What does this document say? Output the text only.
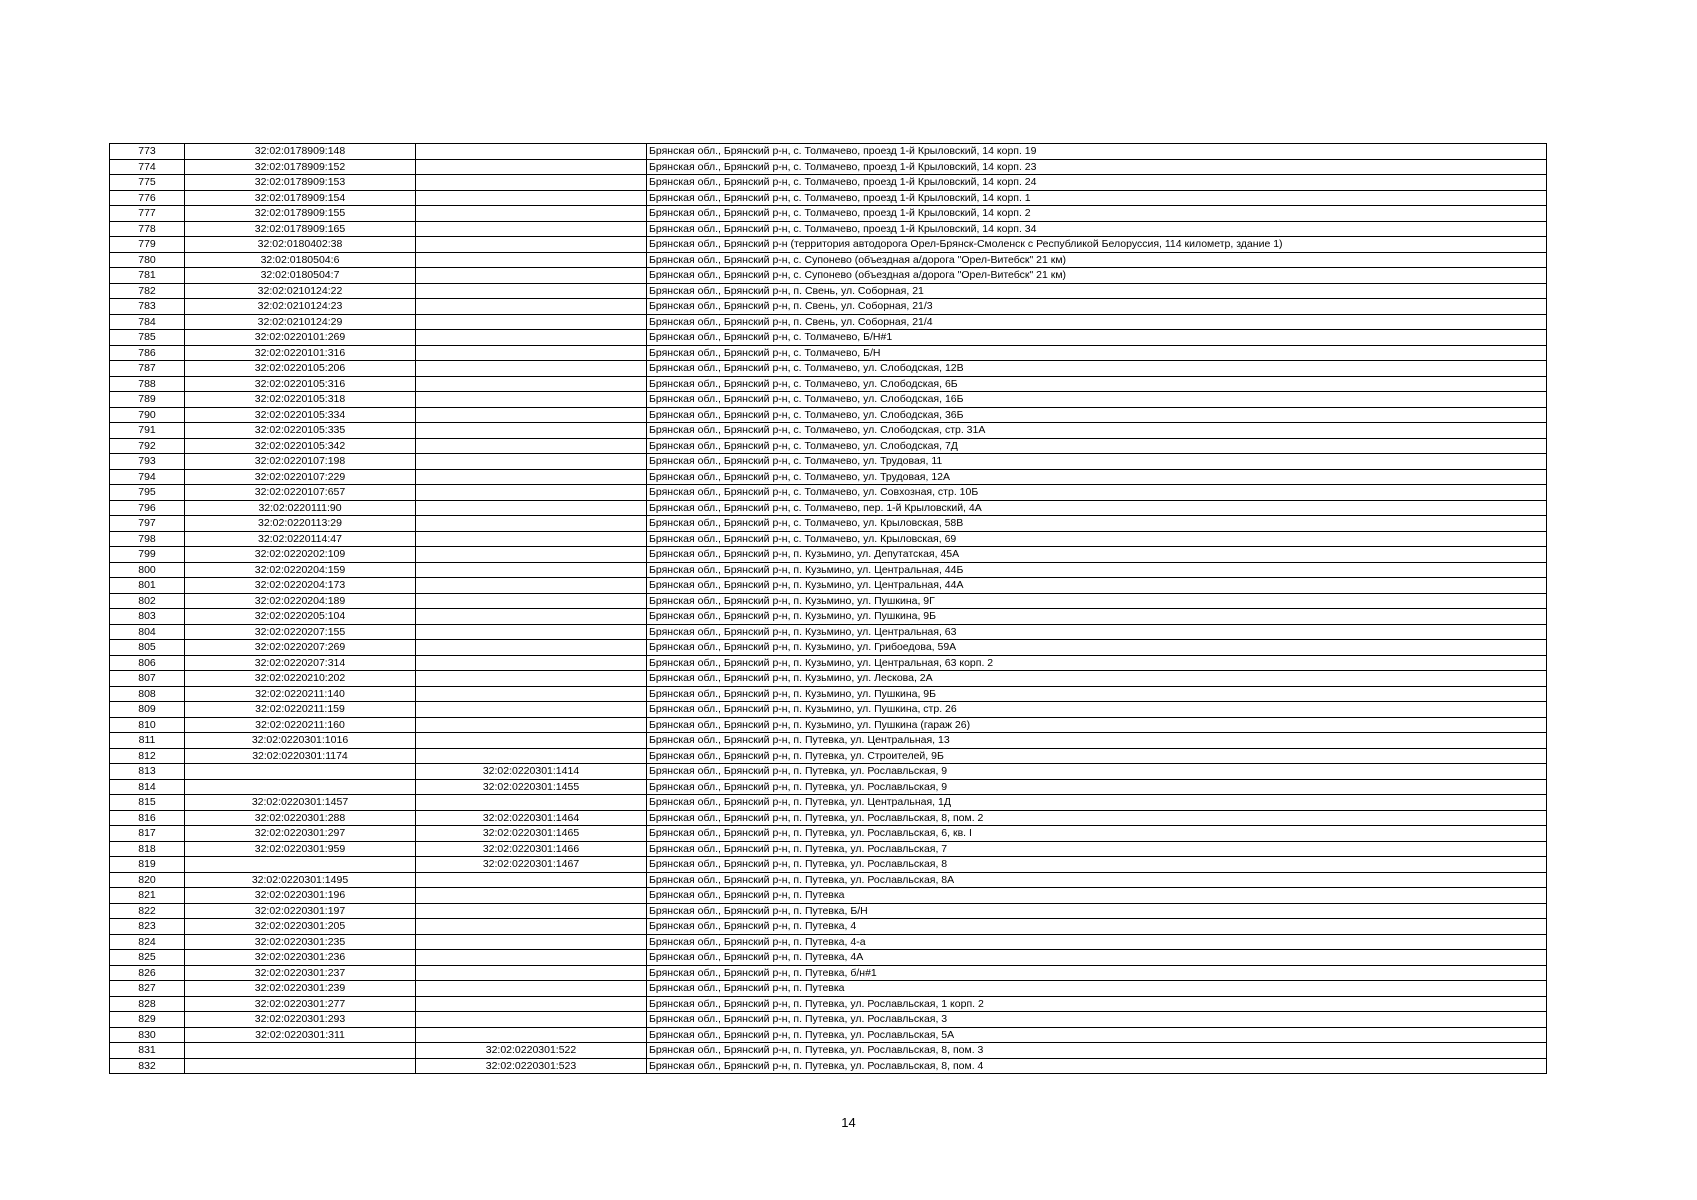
773	32:02:0178909:148		Брянская обл., Брянский р-н, с. Толмачево, проезд 1-й Крыловский, 14 корп. 19
774	32:02:0178909:152		Брянская обл., Брянский р-н, с. Толмачево, проезд 1-й Крыловский, 14 корп. 23
775	32:02:0178909:153		Брянская обл., Брянский р-н, с. Толмачево, проезд 1-й Крыловский, 14 корп. 24
776	32:02:0178909:154		Брянская обл., Брянский р-н, с. Толмачево, проезд 1-й Крыловский, 14 корп. 1
777	32:02:0178909:155		Брянская обл., Брянский р-н, с. Толмачево, проезд 1-й Крыловский, 14 корп. 2
778	32:02:0178909:165		Брянская обл., Брянский р-н, с. Толмачево, проезд 1-й Крыловский, 14 корп. 34
779	32:02:0180402:38		Брянская обл., Брянский р-н (территория автодорога Орел-Брянск-Смоленск с Республикой Белоруссия, 114 километр, здание 1)
780	32:02:0180504:6		Брянская обл., Брянский р-н, с. Супонево (объездная а/дорога "Орел-Витебск" 21 км)
781	32:02:0180504:7		Брянская обл., Брянский р-н, с. Супонево (объездная а/дорога "Орел-Витебск" 21 км)
782	32:02:0210124:22		Брянская обл., Брянский р-н, п. Свень, ул. Соборная, 21
783	32:02:0210124:23		Брянская обл., Брянский р-н, п. Свень, ул. Соборная, 21/3
784	32:02:0210124:29		Брянская обл., Брянский р-н, п. Свень, ул. Соборная, 21/4
785	32:02:0220101:269		Брянская обл., Брянский р-н, с. Толмачево, Б/Н#1
786	32:02:0220101:316		Брянская обл., Брянский р-н, с. Толмачево, Б/Н
787	32:02:0220105:206		Брянская обл., Брянский р-н, с. Толмачево, ул. Слободская, 12В
788	32:02:0220105:316		Брянская обл., Брянский р-н, с. Толмачево, ул. Слободская, 6Б
789	32:02:0220105:318		Брянская обл., Брянский р-н, с. Толмачево, ул. Слободская, 16Б
790	32:02:0220105:334		Брянская обл., Брянский р-н, с. Толмачево, ул. Слободская, 36Б
791	32:02:0220105:335		Брянская обл., Брянский р-н, с. Толмачево, ул. Слободская, стр. 31А
792	32:02:0220105:342		Брянская обл., Брянский р-н, с. Толмачево, ул. Слободская, 7Д
793	32:02:0220107:198		Брянская обл., Брянский р-н, с. Толмачево, ул. Трудовая, 11
794	32:02:0220107:229		Брянская обл., Брянский р-н, с. Толмачево, ул. Трудовая, 12А
795	32:02:0220107:657		Брянская обл., Брянский р-н, с. Толмачево, ул. Совхозная, стр. 10Б
796	32:02:0220111:90		Брянская обл., Брянский р-н, с. Толмачево, пер. 1-й Крыловский, 4А
797	32:02:0220113:29		Брянская обл., Брянский р-н, с. Толмачево, ул. Крыловская, 58В
798	32:02:0220114:47		Брянская обл., Брянский р-н, с. Толмачево, ул. Крыловская, 69
799	32:02:0220202:109		Брянская обл., Брянский р-н, п. Кузьмино, ул. Депутатская, 45А
800	32:02:0220204:159		Брянская обл., Брянский р-н, п. Кузьмино, ул. Центральная, 44Б
801	32:02:0220204:173		Брянская обл., Брянский р-н, п. Кузьмино, ул. Центральная, 44А
802	32:02:0220204:189		Брянская обл., Брянский р-н, п. Кузьмино, ул. Пушкина, 9Г
803	32:02:0220205:104		Брянская обл., Брянский р-н, п. Кузьмино, ул. Пушкина, 9Б
804	32:02:0220207:155		Брянская обл., Брянский р-н, п. Кузьмино, ул. Центральная, 63
805	32:02:0220207:269		Брянская обл., Брянский р-н, п. Кузьмино, ул. Грибоедова, 59А
806	32:02:0220207:314		Брянская обл., Брянский р-н, п. Кузьмино, ул. Центральная, 63 корп. 2
807	32:02:0220210:202		Брянская обл., Брянский р-н, п. Кузьмино, ул. Лескова, 2А
808	32:02:0220211:140		Брянская обл., Брянский р-н, п. Кузьмино, ул. Пушкина, 9Б
809	32:02:0220211:159		Брянская обл., Брянский р-н, п. Кузьмино, ул. Пушкина, стр. 26
810	32:02:0220211:160		Брянская обл., Брянский р-н, п. Кузьмино, ул. Пушкина (гараж 26)
811	32:02:0220301:1016		Брянская обл., Брянский р-н, п. Путевка, ул. Центральная, 13
812	32:02:0220301:1174		Брянская обл., Брянский р-н, п. Путевка, ул. Строителей, 9Б
813		32:02:0220301:1414	Брянская обл., Брянский р-н, п. Путевка, ул. Рославльская, 9
814		32:02:0220301:1455	Брянская обл., Брянский р-н, п. Путевка, ул. Рославльская, 9
815	32:02:0220301:1457		Брянская обл., Брянский р-н, п. Путевка, ул. Центральная, 1Д
816	32:02:0220301:288	32:02:0220301:1464	Брянская обл., Брянский р-н, п. Путевка, ул. Рославльская, 8, пом. 2
817	32:02:0220301:297	32:02:0220301:1465	Брянская обл., Брянский р-н, п. Путевка, ул. Рославльская, 6, кв. I
818	32:02:0220301:959	32:02:0220301:1466	Брянская обл., Брянский р-н, п. Путевка, ул. Рославльская, 7
819		32:02:0220301:1467	Брянская обл., Брянский р-н, п. Путевка, ул. Рославльская, 8
820	32:02:0220301:1495		Брянская обл., Брянский р-н, п. Путевка, ул. Рославльская, 8А
821	32:02:0220301:196		Брянская обл., Брянский р-н, п. Путевка
822	32:02:0220301:197		Брянская обл., Брянский р-н, п. Путевка, Б/Н
823	32:02:0220301:205		Брянская обл., Брянский р-н, п. Путевка, 4
824	32:02:0220301:235		Брянская обл., Брянский р-н, п. Путевка, 4-а
825	32:02:0220301:236		Брянская обл., Брянский р-н, п. Путевка, 4А
826	32:02:0220301:237		Брянская обл., Брянский р-н, п. Путевка, б/н#1
827	32:02:0220301:239		Брянская обл., Брянский р-н, п. Путевка
828	32:02:0220301:277		Брянская обл., Брянский р-н, п. Путевка, ул. Рославльская, 1 корп. 2
829	32:02:0220301:293		Брянская обл., Брянский р-н, п. Путевка, ул. Рославльская, 3
830	32:02:0220301:311		Брянская обл., Брянский р-н, п. Путевка, ул. Рославльская, 5А
831		32:02:0220301:522	Брянская обл., Брянский р-н, п. Путевка, ул. Рославльская, 8, пом. 3
832		32:02:0220301:523	Брянская обл., Брянский р-н, п. Путевка, ул. Рославльская, 8, пом. 4
14
